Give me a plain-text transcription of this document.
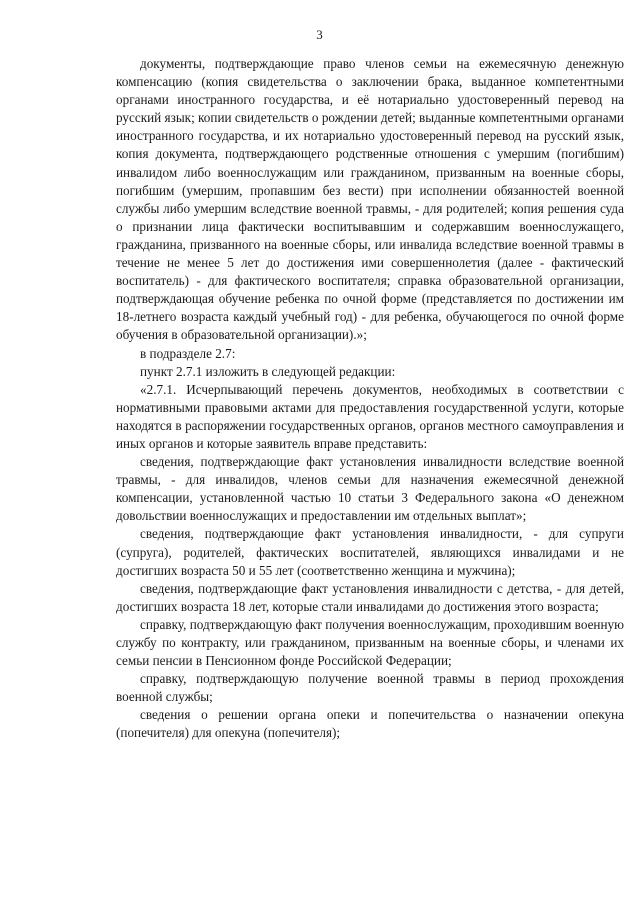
3

документы, подтверждающие право членов семьи на ежемесячную денежную компенсацию (копия свидетельства о заключении брака, выданное компетентными органами иностранного государства, и её нотариально удостоверенный перевод на русский язык; копии свидетельств о рождении детей; выданные компетентными органами иностранного государства, и их нотариально удостоверенный перевод на русский язык, копия документа, подтверждающего родственные отношения с умершим (погибшим) инвалидом либо военнослужащим или гражданином, призванным на военные сборы, погибшим (умершим, пропавшим без вести) при исполнении обязанностей военной службы либо умершим вследствие военной травмы, - для родителей; копия решения суда о признании лица фактически воспитывавшим и содержавшим военнослужащего, гражданина, призванного на военные сборы, или инвалида вследствие военной травмы в течение не менее 5 лет до достижения ими совершеннолетия (далее - фактический воспитатель) - для фактического воспитателя; справка образовательной организации, подтверждающая обучение ребенка по очной форме (представляется по достижении им 18-летнего возраста каждый учебный год) - для ребенка, обучающегося по очной форме обучения в образовательной организации).»;

в подразделе 2.7:

пункт 2.7.1 изложить в следующей редакции:

«2.7.1. Исчерпывающий перечень документов, необходимых в соответствии с нормативными правовыми актами для предоставления государственной услуги, которые находятся в распоряжении государственных органов, органов местного самоуправления и иных органов и которые заявитель вправе представить:

сведения, подтверждающие факт установления инвалидности вследствие военной травмы, - для инвалидов, членов семьи для назначения ежемесячной денежной компенсации, установленной частью 10 статьи 3 Федерального закона «О денежном довольствии военнослужащих и предоставлении им отдельных выплат»;

сведения, подтверждающие факт установления инвалидности, - для супруги (супруга), родителей, фактических воспитателей, являющихся инвалидами и не достигших возраста 50 и 55 лет (соответственно женщина и мужчина);

сведения, подтверждающие факт установления инвалидности с детства, - для детей, достигших возраста 18 лет, которые стали инвалидами до достижения этого возраста;

справку, подтверждающую факт получения военнослужащим, проходившим военную службу по контракту, или гражданином, призванным на военные сборы, и членами их семьи пенсии в Пенсионном фонде Российской Федерации;

справку, подтверждающую получение военной травмы в период прохождения военной службы;

сведения о решении органа опеки и попечительства о назначении опекуна (попечителя) для опекуна (попечителя);
